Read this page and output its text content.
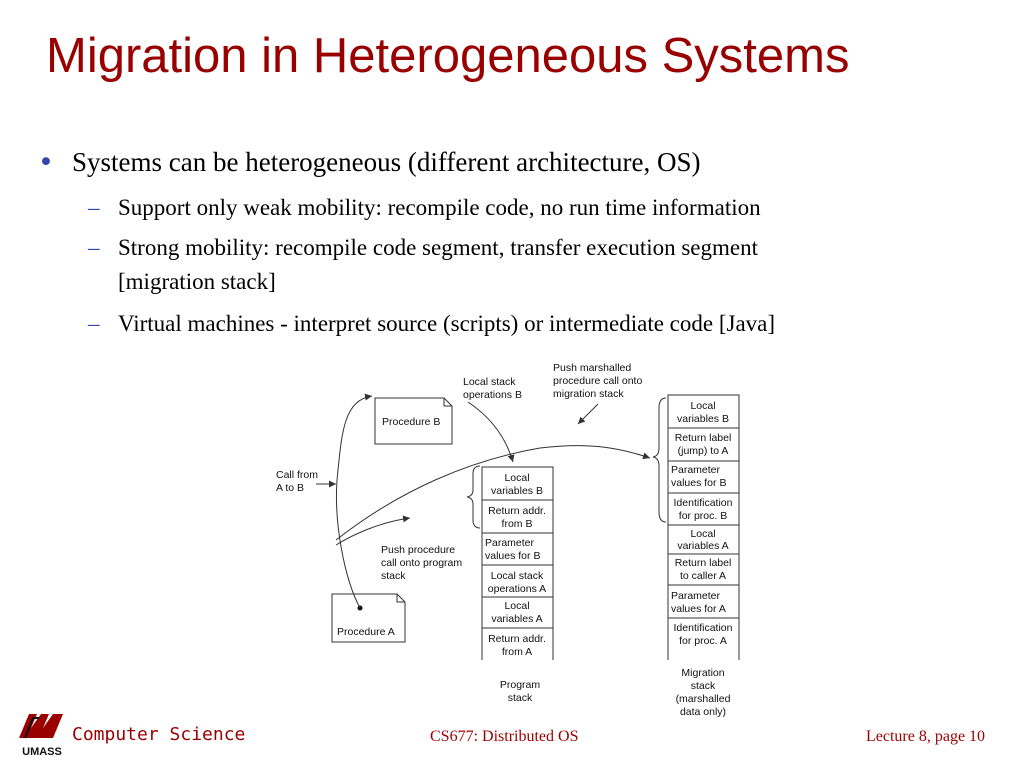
Migration in Heterogeneous Systems
• Systems can be heterogeneous (different architecture, OS)
– Support only weak mobility: recompile code, no run time information
– Strong mobility: recompile code segment, transfer execution segment
[migration stack]
– Virtual machines - interpret source (scripts) or intermediate code [Java]
Procedure B
Procedure A
Local stack
operations B
Push marshalled
procedure call onto
migration stack
Call from
A to B
Push procedure
call onto program
stack
Local
variables B
Return addr.
from B
Parameter
values for B
Local stack
operations A
Local
variables A
Return addr.
from A
Program
stack
Local
variables B
Return label
(jump) to A
Parameter
values for B
Identification
for proc. B
Local
variables A
Return label
to caller A
Parameter
values for A
Identification
for proc. A
Migration
stack
(marshalled
data only)
UMASS
Computer Science	CS677: Distributed OS	Lecture 8, page 10
